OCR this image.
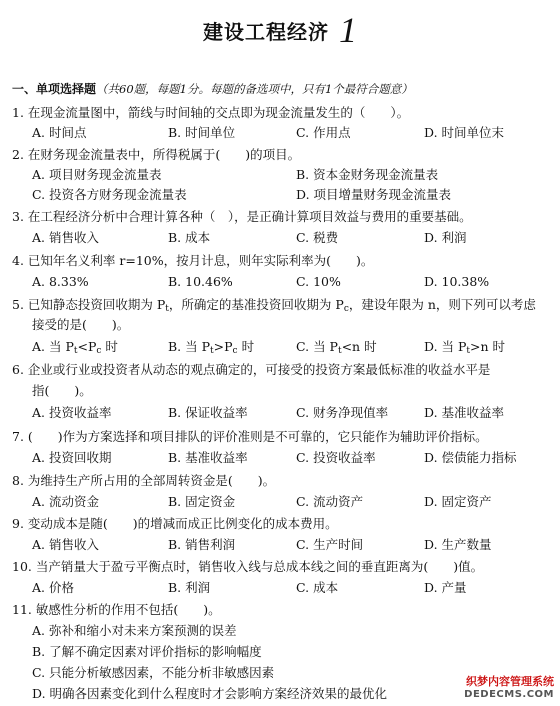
建设工程经济 1
一、单项选择题（共60题，每题1分。每题的备选项中，只有1个最符合题意）
1. 在现金流量图中，箭线与时间轴的交点即为现金流量发生的（　　）。
A. 时间点	B. 时间单位	C. 作用点	D. 时间单位末
2. 在财务现金流量表中，所得税属于(　　)的项目。
A. 项目财务现金流量表	B. 资本金财务现金流量表
C. 投资各方财务现金流量表	D. 项目增量财务现金流量表
3. 在工程经济分析中合理计算各种（　），是正确计算项目效益与费用的重要基础。
A. 销售收入	B. 成本	C. 税费	D. 利润
4. 已知年名义利率 r=10%，按月计息，则年实际利率为(　　)。
A. 8.33%	B. 10.46%	C. 10%	D. 10.38%
5. 已知静态投资回收期为 $P_t$，所确定的基准投资回收期为 $P_c$，建设年限为 n，则下列可以考虑
接受的是(　　)。
A. 当 $P_t<P_c$ 时	B. 当 $P_t>P_c$ 时	C. 当 $P_t<n$ 时	D. 当 $P_t>n$ 时
6. 企业或行业或投资者从动态的观点确定的，可接受的投资方案最低标准的收益水平是
指(　　)。
A. 投资收益率	B. 保证收益率	C. 财务净现值率	D. 基准收益率
7. (　　)作为方案选择和项目排队的评价准则是不可靠的，它只能作为辅助评价指标。
A. 投资回收期	B. 基准收益率	C. 投资收益率	D. 偿债能力指标
8. 为维持生产所占用的全部周转资金是(　　)。
A. 流动资金	B. 固定资金	C. 流动资产	D. 固定资产
9. 变动成本是随(　　)的增减而成正比例变化的成本费用。
A. 销售收入	B. 销售利润	C. 生产时间	D. 生产数量
10. 当产销量大于盈亏平衡点时，销售收入线与总成本线之间的垂直距离为(　　)值。
A. 价格	B. 利润	C. 成本	D. 产量
11. 敏感性分析的作用不包括(　　)。
A. 弥补和缩小对未来方案预测的误差
B. 了解不确定因素对评价指标的影响幅度
C. 只能分析敏感因素，不能分析非敏感因素
D. 明确各因素变化到什么程度时才会影响方案经济效果的最优化
织梦内容管理系统
DEDECMS.COM
